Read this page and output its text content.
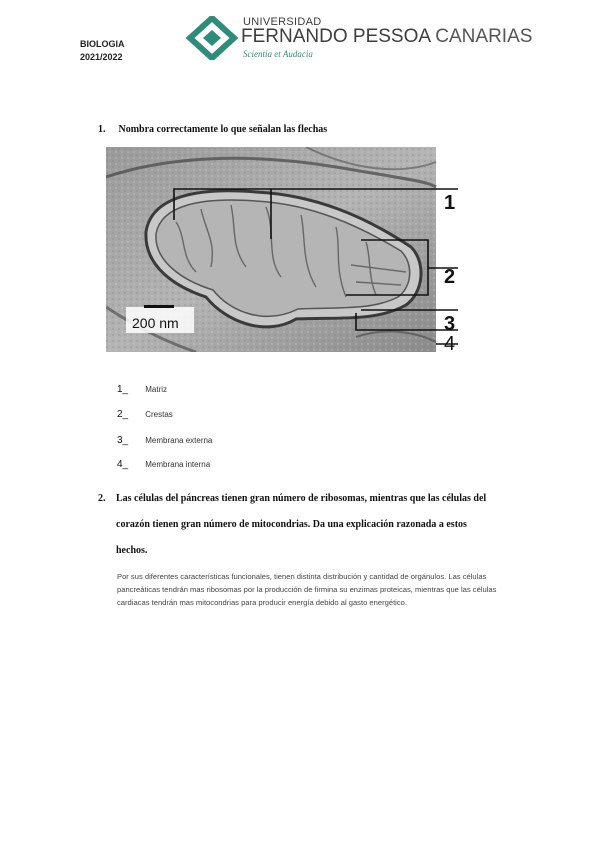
BIOLOGIA
2021/2022
UNIVERSIDAD
FERNANDO PESSOA CANARIAS
Scientia et Audacia
1. Nombra correctamente lo que señalan las flechas
200 nm
1
2
3
4
1_ Matriz
2_ Crestas
3_ Membrana externa
4_ Membrana interna
2. Las células del páncreas tienen gran número de ribosomas, mientras que las células del
corazón tienen gran número de mitocondrias. Da una explicación razonada a estos
hechos.
Por sus diferentes características funcionales, tienen distinta distribución y cantidad de orgánulos. Las células pancreáticas tendrán mas ribosomas por la producción de firmina su enzimas proteicas, mientras que las células cardiacas tendrán mas mitocondrias para producir energía debido al gasto energético.
